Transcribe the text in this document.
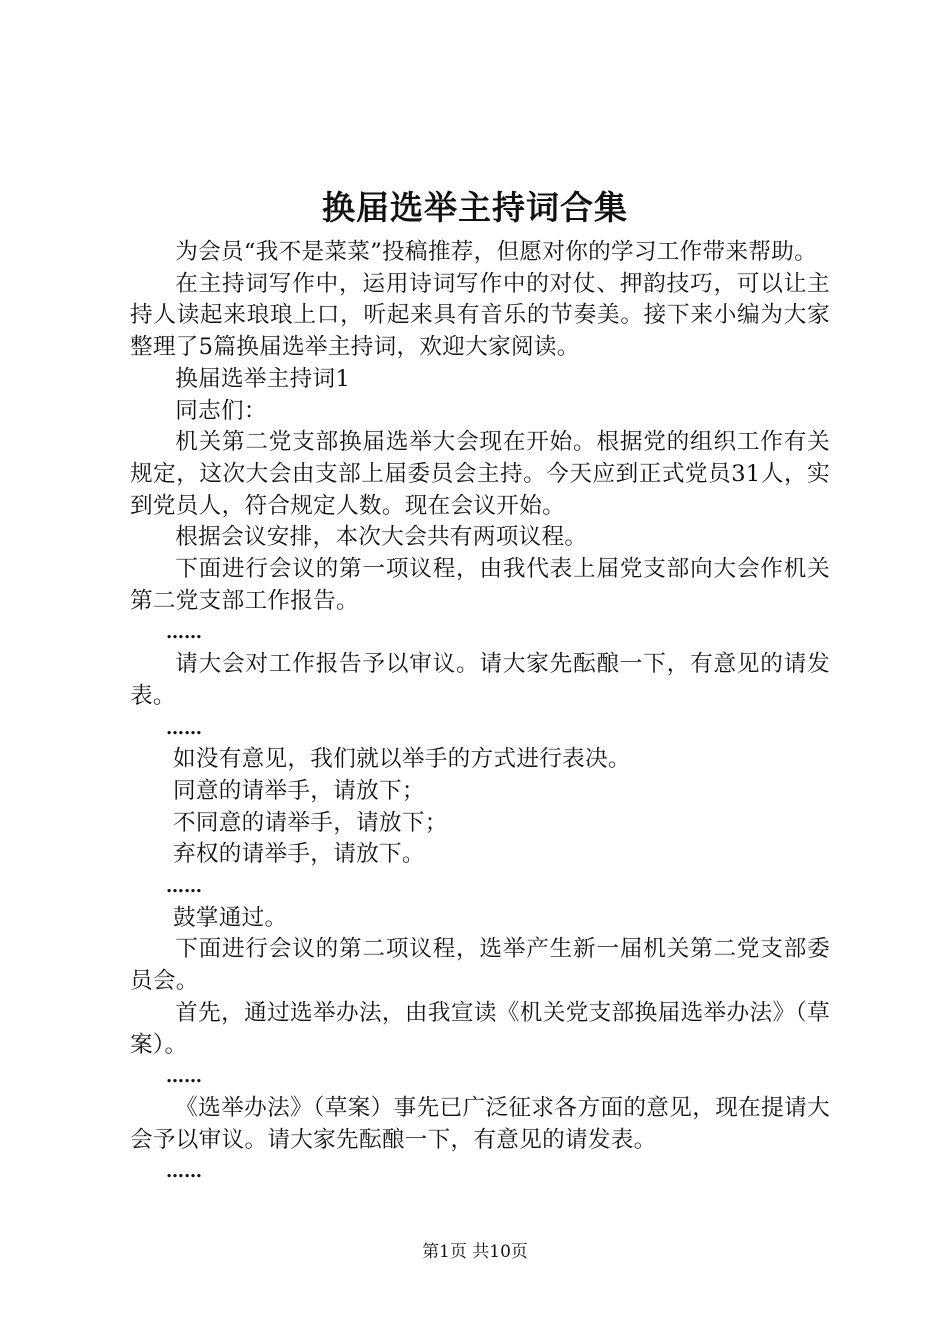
换届选举主持词合集

为会员“我不是菜菜”投稿推荐，但愿对你的学习工作带来帮助。

在主持词写作中，运用诗词写作中的对仗、押韵技巧，可以让主持人读起来琅琅上口，听起来具有音乐的节奏美。接下来小编为大家整理了5篇换届选举主持词，欢迎大家阅读。

换届选举主持词1

同志们：

机关第二党支部换届选举大会现在开始。根据党的组织工作有关规定，这次大会由支部上届委员会主持。今天应到正式党员31人，实到党员人，符合规定人数。现在会议开始。

根据会议安排，本次大会共有两项议程。

下面进行会议的第一项议程，由我代表上届党支部向大会作机关第二党支部工作报告。

……

请大会对工作报告予以审议。请大家先酝酿一下，有意见的请发表。

……

如没有意见，我们就以举手的方式进行表决。

同意的请举手，请放下；

不同意的请举手，请放下；

弃权的请举手，请放下。

……

鼓掌通过。

下面进行会议的第二项议程，选举产生新一届机关第二党支部委员会。

首先，通过选举办法，由我宣读《机关党支部换届选举办法》（草案）。

……

《选举办法》（草案）事先已广泛征求各方面的意见，现在提请大会予以审议。请大家先酝酿一下，有意见的请发表。

……

第1页 共10页
